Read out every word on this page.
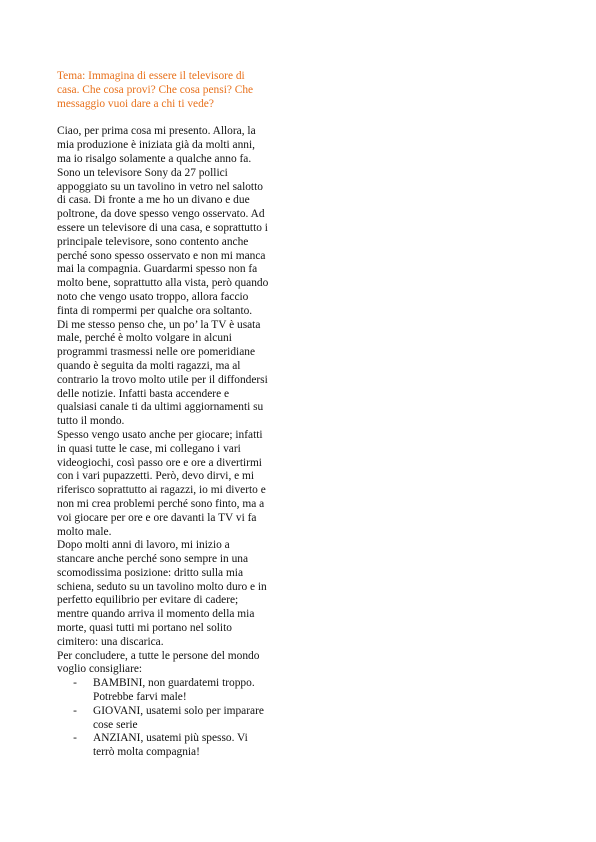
Tema: Immagina di essere il televisore di
casa. Che cosa provi? Che cosa pensi? Che
messaggio vuoi dare a chi ti vede?

Ciao, per prima cosa mi presento. Allora, la
mia produzione è iniziata già da molti anni,
ma io risalgo solamente a qualche anno fa.
Sono un televisore Sony da 27 pollici
appoggiato su un tavolino in vetro nel salotto
di casa. Di fronte a me ho un divano e due
poltrone, da dove spesso vengo osservato. Ad
essere un televisore di una casa, e soprattutto i
principale televisore, sono contento anche
perché sono spesso osservato e non mi manca
mai la compagnia. Guardarmi spesso non fa
molto bene, soprattutto alla vista, però quando
noto che vengo usato troppo, allora faccio
finta di rompermi per qualche ora soltanto.
Di me stesso penso che, un po’ la TV è usata
male, perché è molto volgare in alcuni
programmi trasmessi nelle ore pomeridiane
quando è seguita da molti ragazzi, ma al
contrario la trovo molto utile per il diffondersi
delle notizie. Infatti basta accendere e
qualsiasi canale ti da ultimi aggiornamenti su
tutto il mondo.
Spesso vengo usato anche per giocare; infatti
in quasi tutte le case, mi collegano i vari
videogiochi, così passo ore e ore a divertirmi
con i vari pupazzetti. Però, devo dirvi, e mi
riferisco soprattutto ai ragazzi, io mi diverto e
non mi crea problemi perché sono finto, ma a
voi giocare per ore e ore davanti la TV vi fa
molto male.
Dopo molti anni di lavoro, mi inizio a
stancare anche perché sono sempre in una
scomodissima posizione: dritto sulla mia
schiena, seduto su un tavolino molto duro e in
perfetto equilibrio per evitare di cadere;
mentre quando arriva il momento della mia
morte, quasi tutti mi portano nel solito
cimitero: una discarica.
Per concludere, a tutte le persone del mondo
voglio consigliare:

-	BAMBINI, non guardatemi troppo.
Potrebbe farvi male!
-	GIOVANI, usatemi solo per imparare
cose serie
-	ANZIANI, usatemi più spesso. Vi
terrò molta compagnia!
